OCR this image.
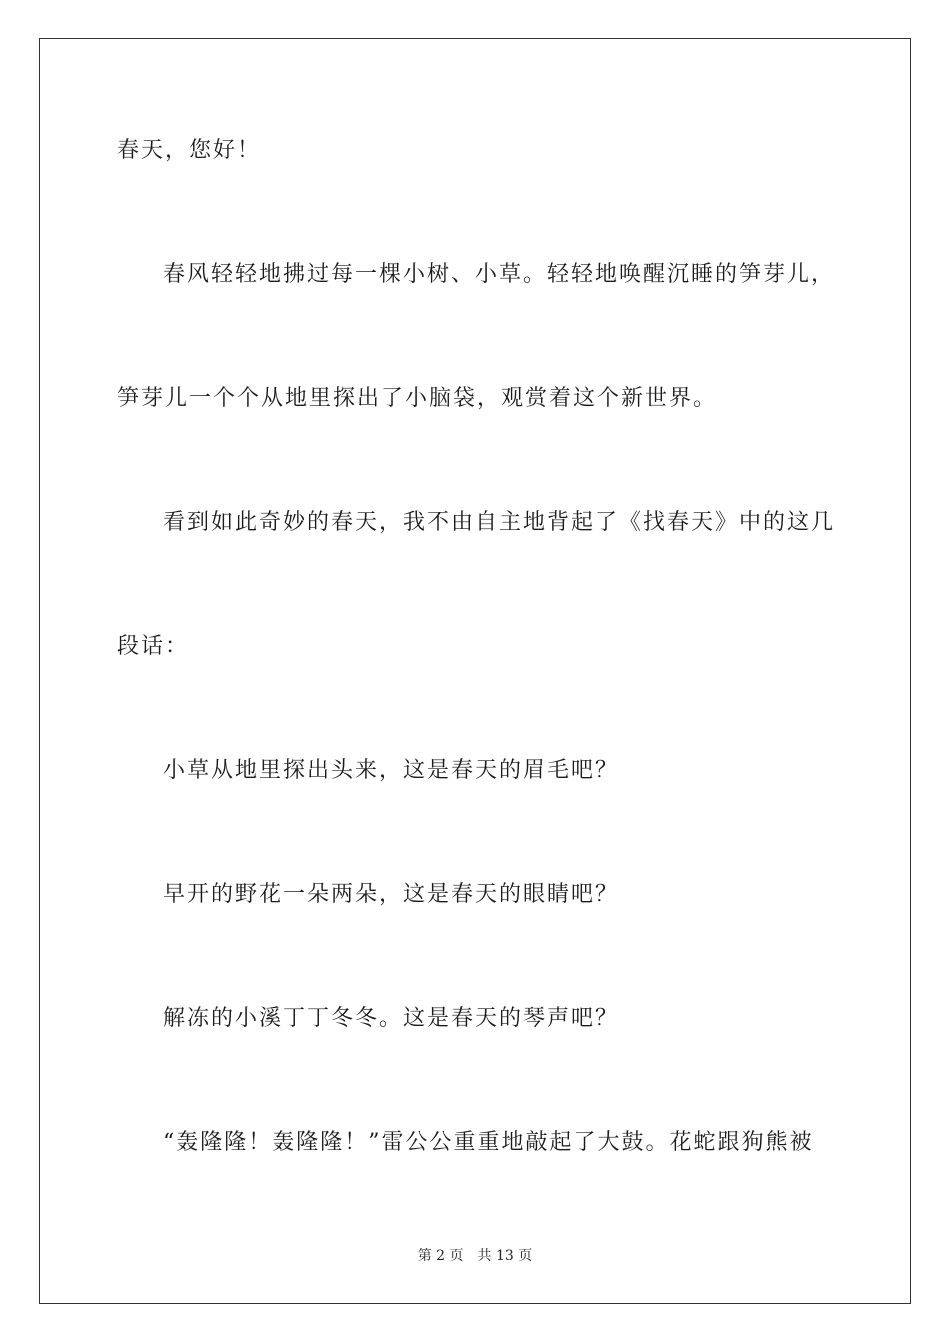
春天，您好！
春风轻轻地拂过每一棵小树、小草。轻轻地唤醒沉睡的笋芽儿，
笋芽儿一个个从地里探出了小脑袋，观赏着这个新世界。
看到如此奇妙的春天，我不由自主地背起了《找春天》中的这几
段话：
小草从地里探出头来，这是春天的眉毛吧？
早开的野花一朵两朵，这是春天的眼睛吧？
解冻的小溪丁丁冬冬。这是春天的琴声吧？
“轰隆隆！轰隆隆！”雷公公重重地敲起了大鼓。花蛇跟狗熊被
第 2 页 共 13 页
